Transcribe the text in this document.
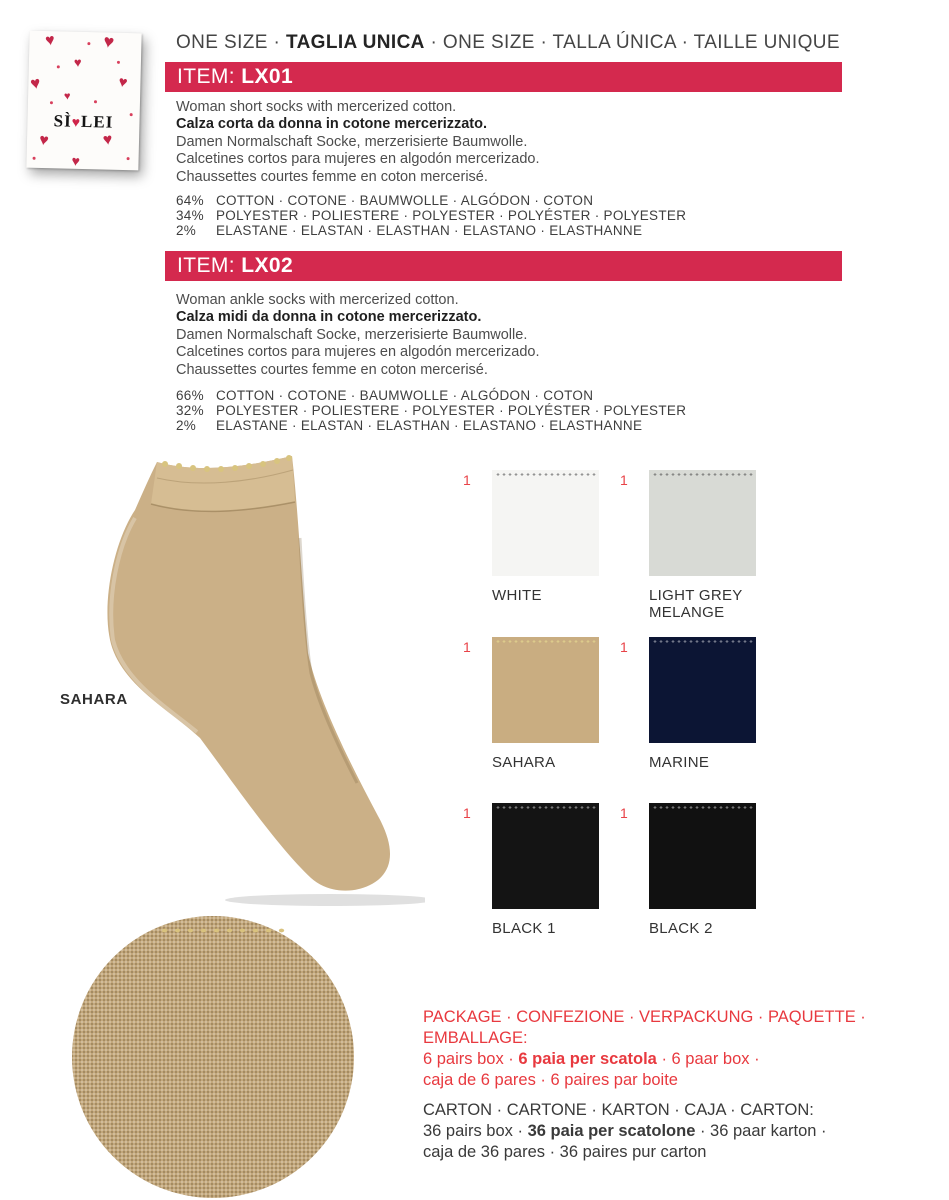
♥	♥
♥
♥	♥
♥
♥	♥
♥
SÌ♥LEI
ONE SIZE · TAGLIA UNICA · ONE SIZE · TALLA ÚNICA · TAILLE UNIQUE
ITEM: LX01
Woman short socks with mercerized cotton.
Calza corta da donna in cotone mercerizzato.
Damen Normalschaft Socke, merzerisierte Baumwolle.
Calcetines cortos para mujeres en algodón mercerizado.
Chaussettes courtes femme en coton mercerisé.
64% COTTON · COTONE · BAUMWOLLE · ALGÓDON · COTON
34% POLYESTER · POLIESTERE · POLYESTER · POLYÉSTER · POLYESTER
2% ELASTANE · ELASTAN · ELASTHAN · ELASTANO · ELASTHANNE
ITEM: LX02
Woman ankle socks with mercerized cotton.
Calza midi da donna in cotone mercerizzato.
Damen Normalschaft Socke, merzerisierte Baumwolle.
Calcetines cortos para mujeres en algodón mercerizado.
Chaussettes courtes femme en coton mercerisé.
66% COTTON · COTONE · BAUMWOLLE · ALGÓDON · COTON
32% POLYESTER · POLIESTERE · POLYESTER · POLYÉSTER · POLYESTER
2% ELASTANE · ELASTAN · ELASTHAN · ELASTANO · ELASTHANNE
SAHARA
1
WHITE
1
LIGHT GREY MELANGE
1
SAHARA
1
MARINE
1
BLACK 1
1
BLACK 2
PACKAGE · CONFEZIONE · VERPACKUNG · PAQUETTE ·
EMBALLAGE:
6 pairs box · 6 paia per scatola · 6 paar box ·
caja de 6 pares · 6 paires par boite
CARTON · CARTONE · KARTON · CAJA · CARTON:
36 pairs box · 36 paia per scatolone · 36 paar karton ·
caja de 36 pares · 36 paires pur carton
